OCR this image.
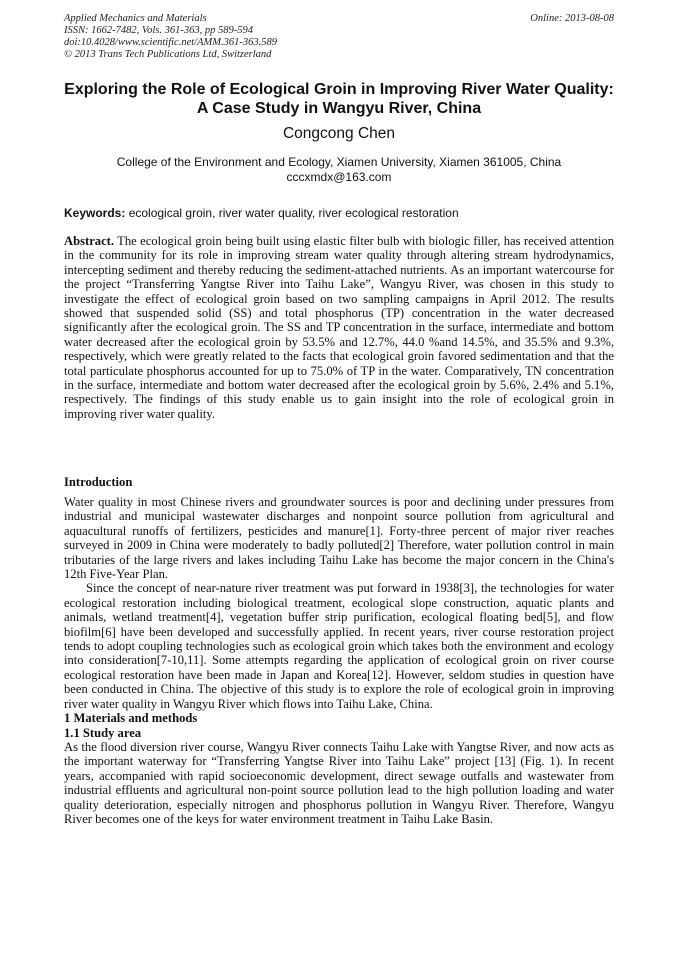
Applied Mechanics and Materials
ISSN: 1662-7482, Vols. 361-363, pp 589-594
doi:10.4028/www.scientific.net/AMM.361-363.589
© 2013 Trans Tech Publications Ltd, Switzerland
Online: 2013-08-08
Exploring the Role of Ecological Groin in Improving River Water Quality:
A Case Study in Wangyu River, China
Congcong Chen
College of the Environment and Ecology, Xiamen University, Xiamen 361005, China
cccxmdx@163.com
Keywords: ecological groin, river water quality, river ecological restoration

Abstract. The ecological groin being built using elastic filter bulb with biologic filler, has received attention in the community for its role in improving stream water quality through altering stream hydrodynamics, intercepting sediment and thereby reducing the sediment-attached nutrients. As an important watercourse for the project “Transferring Yangtse River into Taihu Lake”, Wangyu River, was chosen in this study to investigate the effect of ecological groin based on two sampling campaigns in April 2012. The results showed that suspended solid (SS) and total phosphorus (TP) concentration in the water decreased significantly after the ecological groin. The SS and TP concentration in the surface, intermediate and bottom water decreased after the ecological groin by 53.5% and 12.7%, 44.0 %and 14.5%, and 35.5% and 9.3%, respectively, which were greatly related to the facts that ecological groin favored sedimentation and that the total particulate phosphorus accounted for up to 75.0% of TP in the water. Comparatively, TN concentration in the surface, intermediate and bottom water decreased after the ecological groin by 5.6%, 2.4% and 5.1%, respectively. The findings of this study enable us to gain insight into the role of ecological groin in improving river water quality.

Introduction

Water quality in most Chinese rivers and groundwater sources is poor and declining under pressures from industrial and municipal wastewater discharges and nonpoint source pollution from agricultural and aquacultural runoffs of fertilizers, pesticides and manure[1]. Forty-three percent of major river reaches surveyed in 2009 in China were moderately to badly polluted[2] Therefore, water pollution control in main tributaries of the large rivers and lakes including Taihu Lake has become the major concern in the China's 12th Five-Year Plan.

Since the concept of near-nature river treatment was put forward in 1938[3], the technologies for water ecological restoration including biological treatment, ecological slope construction, aquatic plants and animals, wetland treatment[4], vegetation buffer strip purification, ecological floating bed[5], and flow biofilm[6] have been developed and successfully applied. In recent years, river course restoration project tends to adopt coupling technologies such as ecological groin which takes both the environment and ecology into consideration[7-10,11]. Some attempts regarding the application of ecological groin on river course ecological restoration have been made in Japan and Korea[12]. However, seldom studies in question have been conducted in China. The objective of this study is to explore the role of ecological groin in improving river water quality in Wangyu River which flows into Taihu Lake, China.

1 Materials and methods

1.1 Study area

As the flood diversion river course, Wangyu River connects Taihu Lake with Yangtse River, and now acts as the important waterway for “Transferring Yangtse River into Taihu Lake” project [13] (Fig. 1). In recent years, accompanied with rapid socioeconomic development, direct sewage outfalls and wastewater from industrial effluents and agricultural non-point source pollution lead to the high pollution loading and water quality deterioration, especially nitrogen and phosphorus pollution in Wangyu River. Therefore, Wangyu River becomes one of the keys for water environment treatment in Taihu Lake Basin.
